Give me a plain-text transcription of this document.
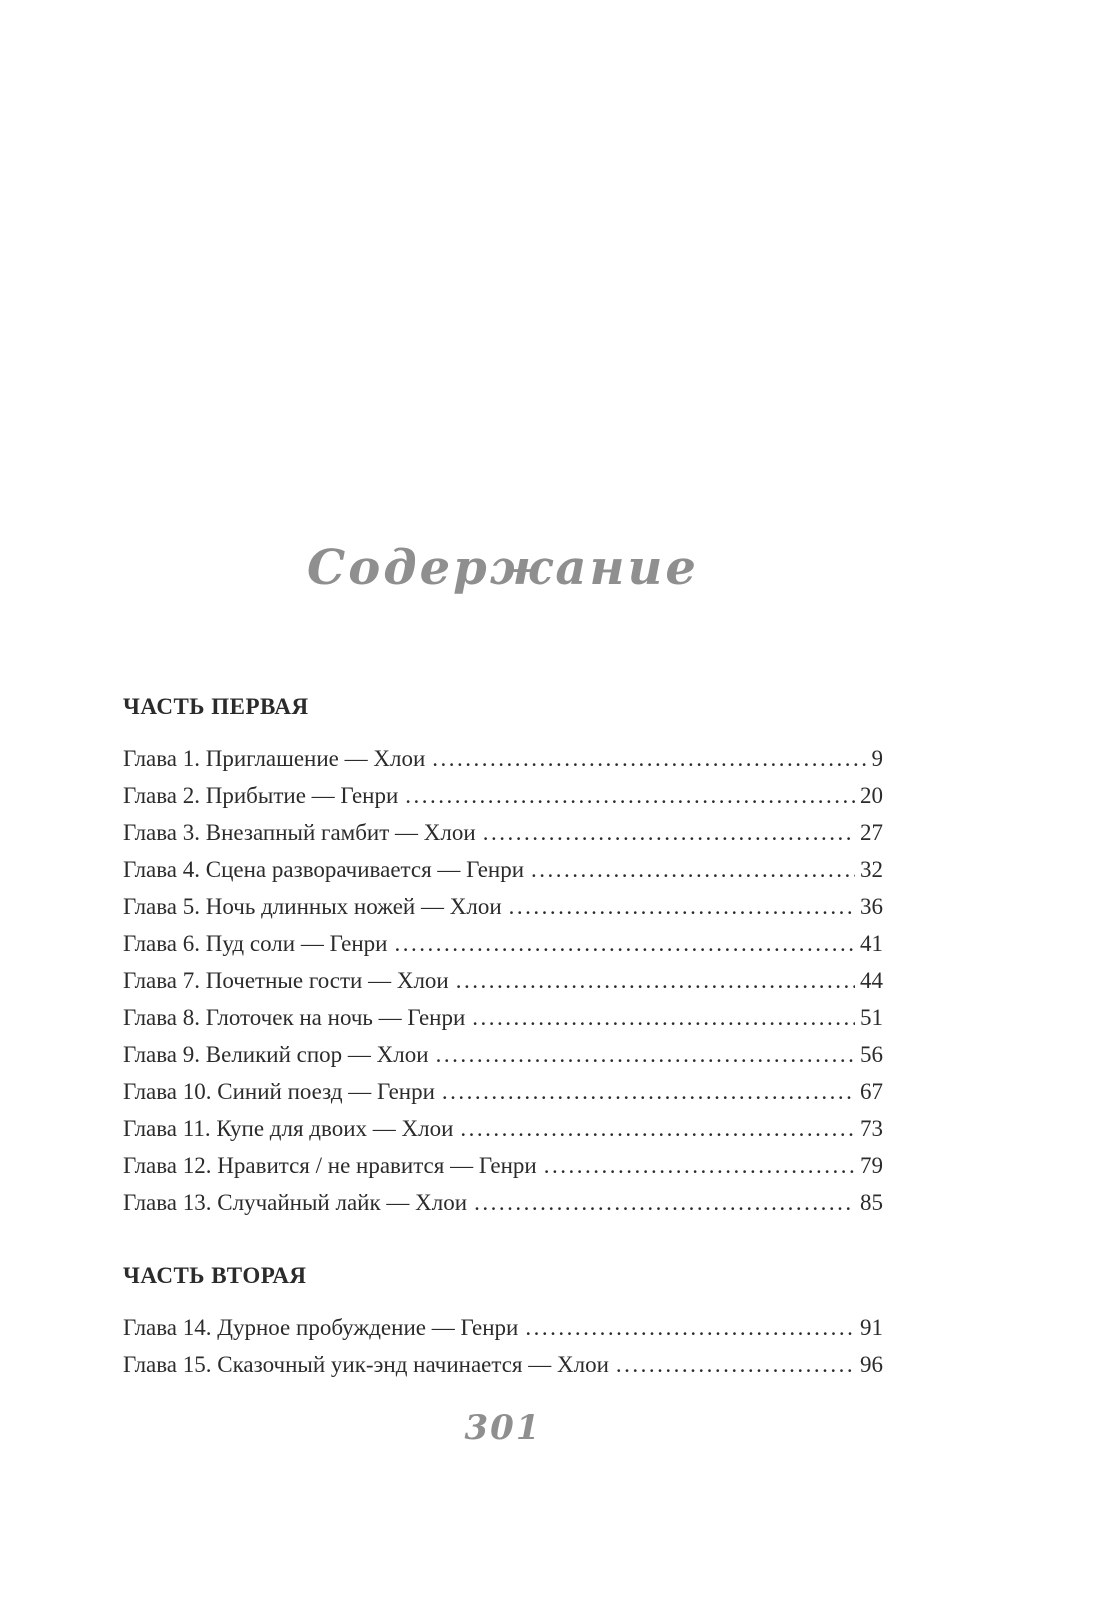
Содержание
ЧАСТЬ ПЕРВАЯ
Глава 1. Приглашение — Хлои .....	9
Глава 2. Прибытие — Генри .....	20
Глава 3. Внезапный гамбит — Хлои .....	27
Глава 4. Сцена разворачивается — Генри .....	32
Глава 5. Ночь длинных ножей — Хлои .....	36
Глава 6. Пуд соли — Генри .....	41
Глава 7. Почетные гости — Хлои .....	44
Глава 8. Глоточек на ночь — Генри .....	51
Глава 9. Великий спор — Хлои .....	56
Глава 10. Синий поезд — Генри .....	67
Глава 11. Купе для двоих — Хлои .....	73
Глава 12. Нравится / не нравится — Генри .....	79
Глава 13. Случайный лайк — Хлои .....	85
ЧАСТЬ ВТОРАЯ
Глава 14. Дурное пробуждение — Генри .....	91
Глава 15. Сказочный уик-энд начинается — Хлои .....	96
301
